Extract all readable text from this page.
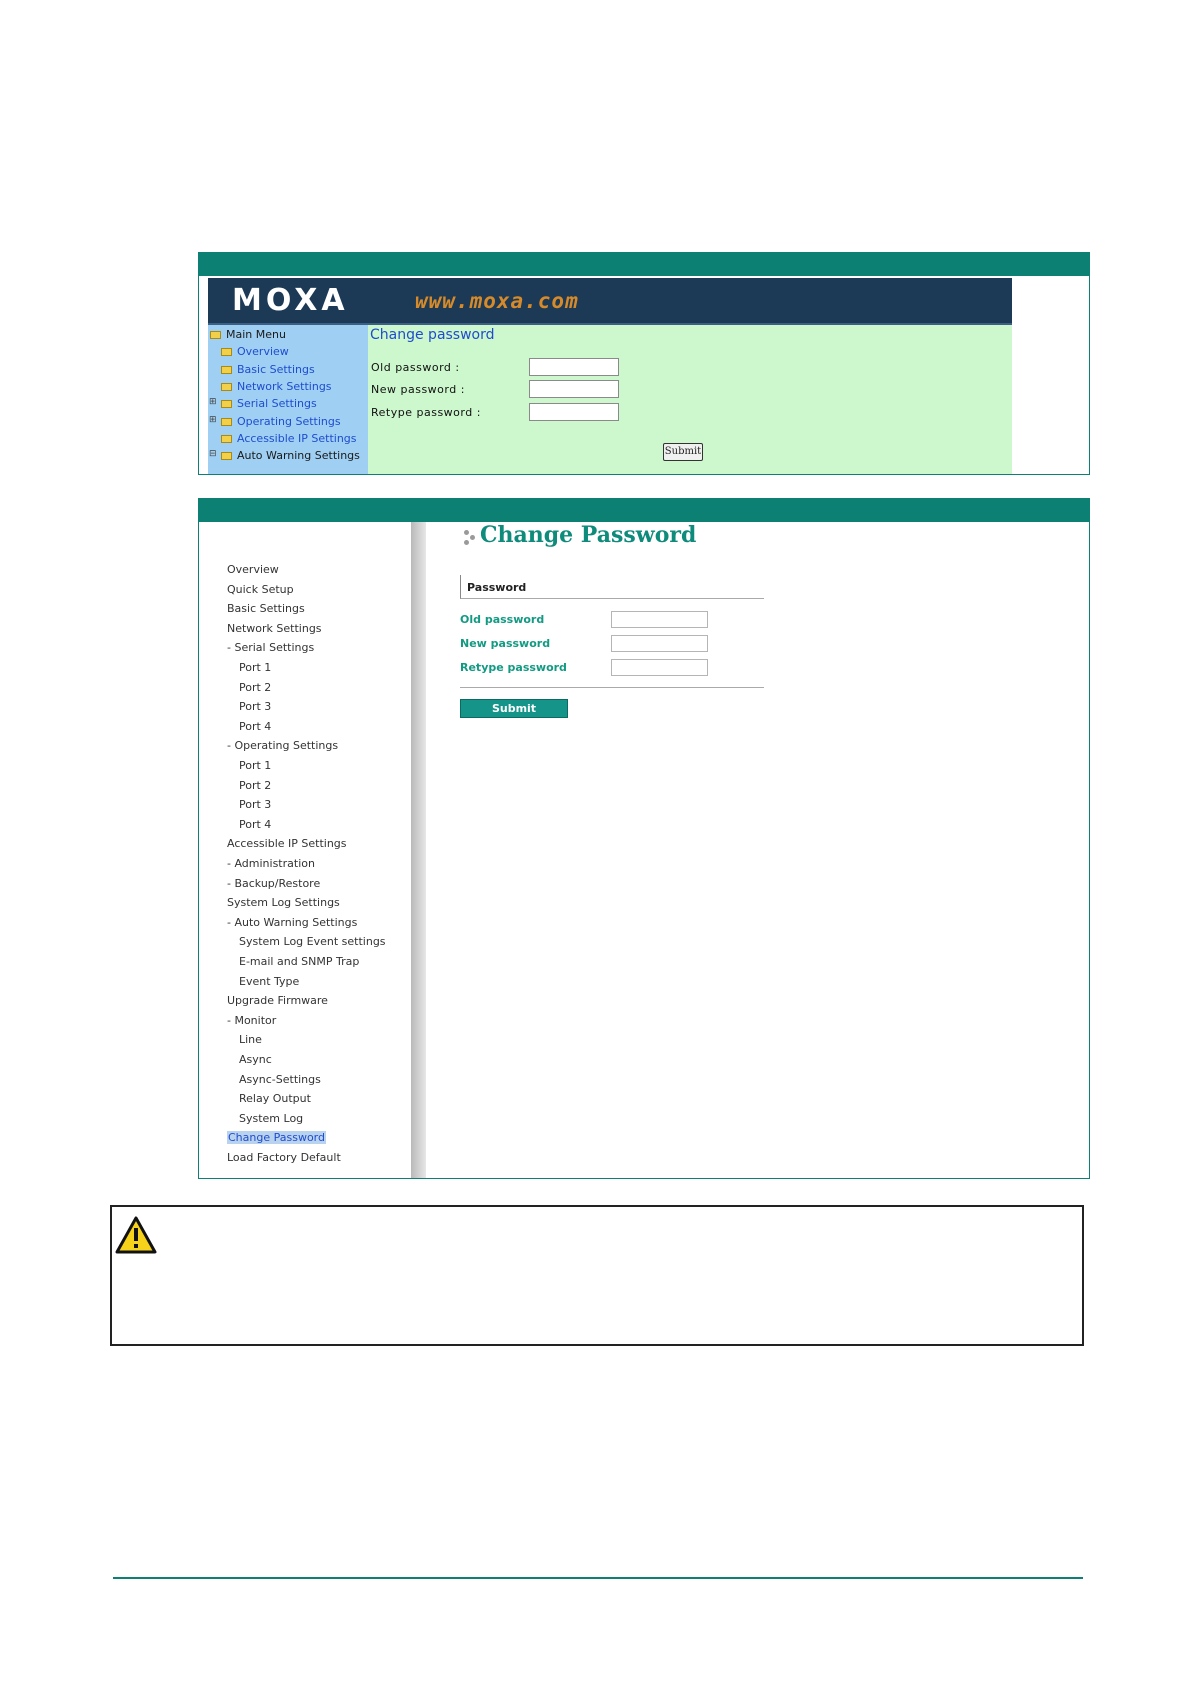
MOXA	www.moxa.com
Main Menu
Overview
Basic Settings
Network Settings
⊞	Serial Settings
⊞	Operating Settings
Accessible IP Settings
⊟	Auto Warning Settings
Change password
Old password :
New password :
Retype password :
Submit
Overview
Quick Setup
Basic Settings
Network Settings
- Serial Settings
Port 1
Port 2
Port 3
Port 4
- Operating Settings
Port 1
Port 2
Port 3
Port 4
Accessible IP Settings
- Administration
- Backup/Restore
System Log Settings
- Auto Warning Settings
System Log Event settings
E-mail and SNMP Trap
Event Type
Upgrade Firmware
- Monitor
Line
Async
Async-Settings
Relay Output
System Log
Change Password
Load Factory Default
Change Password
Password
Old password
New password
Retype password
Submit
